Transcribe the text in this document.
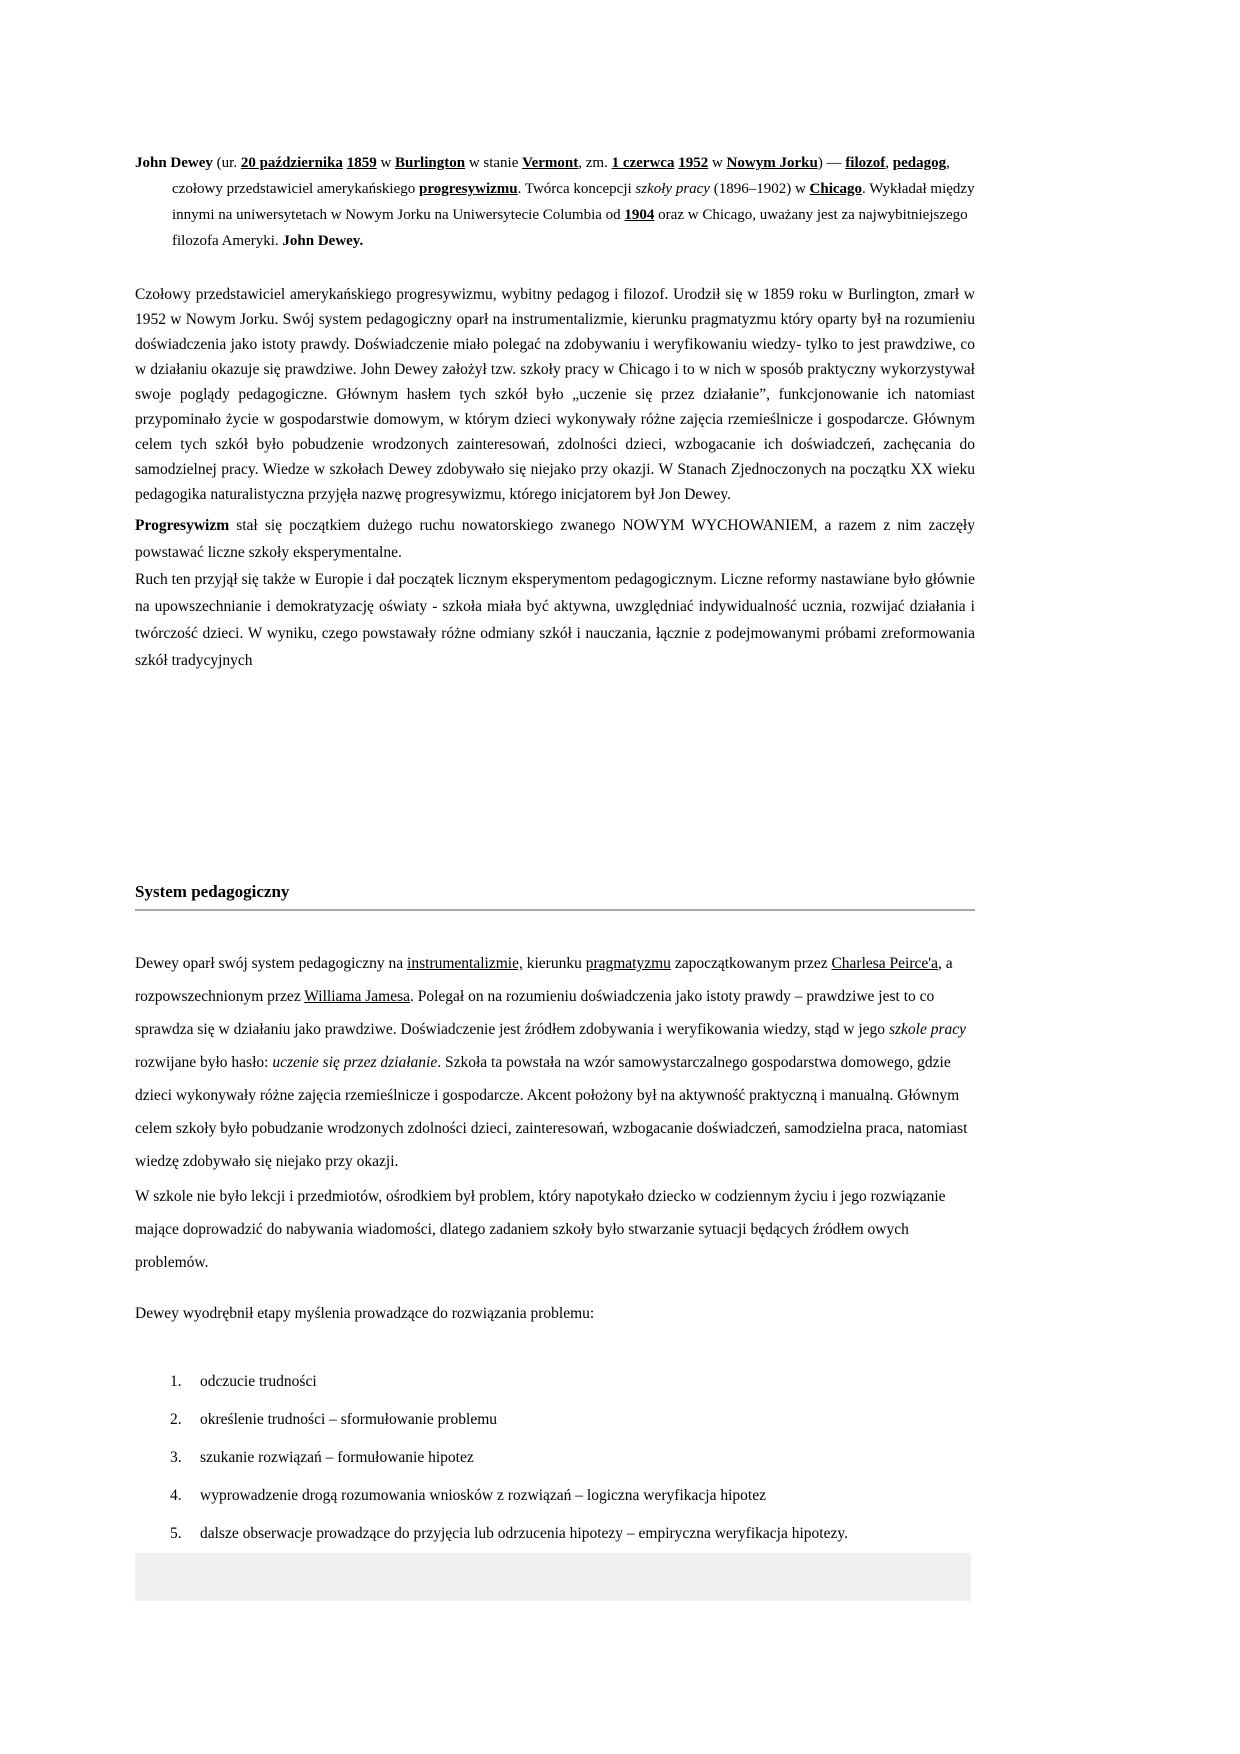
John Dewey (ur. 20 października 1859 w Burlington w stanie Vermont, zm. 1 czerwca 1952 w Nowym Jorku) — filozof, pedagog, czołowy przedstawiciel amerykańskiego progresywizmu. Twórca koncepcji szkoły pracy (1896–1902) w Chicago. Wykładał między innymi na uniwersytetach w Nowym Jorku na Uniwersytecie Columbia od 1904 oraz w Chicago, uważany jest za najwybitniejszego filozofa Ameryki. John Dewey.

Czołowy przedstawiciel amerykańskiego progresywizmu, wybitny pedagog i filozof. Urodził się w 1859 roku w Burlington, zmarł w 1952 w Nowym Jorku. Swój system pedagogiczny oparł na instrumentalizmie, kierunku pragmatyzmu który oparty był na rozumieniu doświadczenia jako istoty prawdy. Doświadczenie miało polegać na zdobywaniu i weryfikowaniu wiedzy- tylko to jest prawdziwe, co w działaniu okazuje się prawdziwe. John Dewey założył tzw. szkoły pracy w Chicago i to w nich w sposób praktyczny wykorzystywał swoje poglądy pedagogiczne. Głównym hasłem tych szkół było „uczenie się przez działanie”, funkcjonowanie ich natomiast przypominało życie w gospodarstwie domowym, w którym dzieci wykonywały różne zajęcia rzemieślnicze i gospodarcze. Głównym celem tych szkół było pobudzenie wrodzonych zainteresowań, zdolności dzieci, wzbogacanie ich doświadczeń, zachęcania do samodzielnej pracy. Wiedze w szkołach Dewey zdobywało się niejako przy okazji. W Stanach Zjednoczonych na początku XX wieku pedagogika naturalistyczna przyjęła nazwę progresywizmu, którego inicjatorem był Jon Dewey.

Progresywizm stał się początkiem dużego ruchu nowatorskiego zwanego NOWYM WYCHOWANIEM, a razem z nim zaczęły powstawać liczne szkoły eksperymentalne.

Ruch ten przyjął się także w Europie i dał początek licznym eksperymentom pedagogicznym. Liczne reformy nastawiane było głównie na upowszechnianie i demokratyzację oświaty - szkoła miała być aktywna, uwzględniać indywidualność ucznia, rozwijać działania i twórczość dzieci. W wyniku, czego powstawały różne odmiany szkół i nauczania, łącznie z podejmowanymi próbami zreformowania szkół tradycyjnych

System pedagogiczny

Dewey oparł swój system pedagogiczny na instrumentalizmie, kierunku pragmatyzmu zapoczątkowanym przez Charlesa Peirce'a, a rozpowszechnionym przez Williama Jamesa. Polegał on na rozumieniu doświadczenia jako istoty prawdy – prawdziwe jest to co sprawdza się w działaniu jako prawdziwe. Doświadczenie jest źródłem zdobywania i weryfikowania wiedzy, stąd w jego szkole pracy rozwijane było hasło: uczenie się przez działanie. Szkoła ta powstała na wzór samowystarczalnego gospodarstwa domowego, gdzie dzieci wykonywały różne zajęcia rzemieślnicze i gospodarcze. Akcent położony był na aktywność praktyczną i manualną. Głównym celem szkoły było pobudzanie wrodzonych zdolności dzieci, zainteresowań, wzbogacanie doświadczeń, samodzielna praca, natomiast wiedzę zdobywało się niejako przy okazji.

W szkole nie było lekcji i przedmiotów, ośrodkiem był problem, który napotykało dziecko w codziennym życiu i jego rozwiązanie mające doprowadzić do nabywania wiadomości, dlatego zadaniem szkoły było stwarzanie sytuacji będących źródłem owych problemów.

Dewey wyodrębnił etapy myślenia prowadzące do rozwiązania problemu:

1.	odczucie trudności
2.	określenie trudności – sformułowanie problemu
3.	szukanie rozwiązań – formułowanie hipotez
4.	wyprowadzenie drogą rozumowania wniosków z rozwiązań – logiczna weryfikacja hipotez
5.	dalsze obserwacje prowadzące do przyjęcia lub odrzucenia hipotezy – empiryczna weryfikacja hipotezy.
